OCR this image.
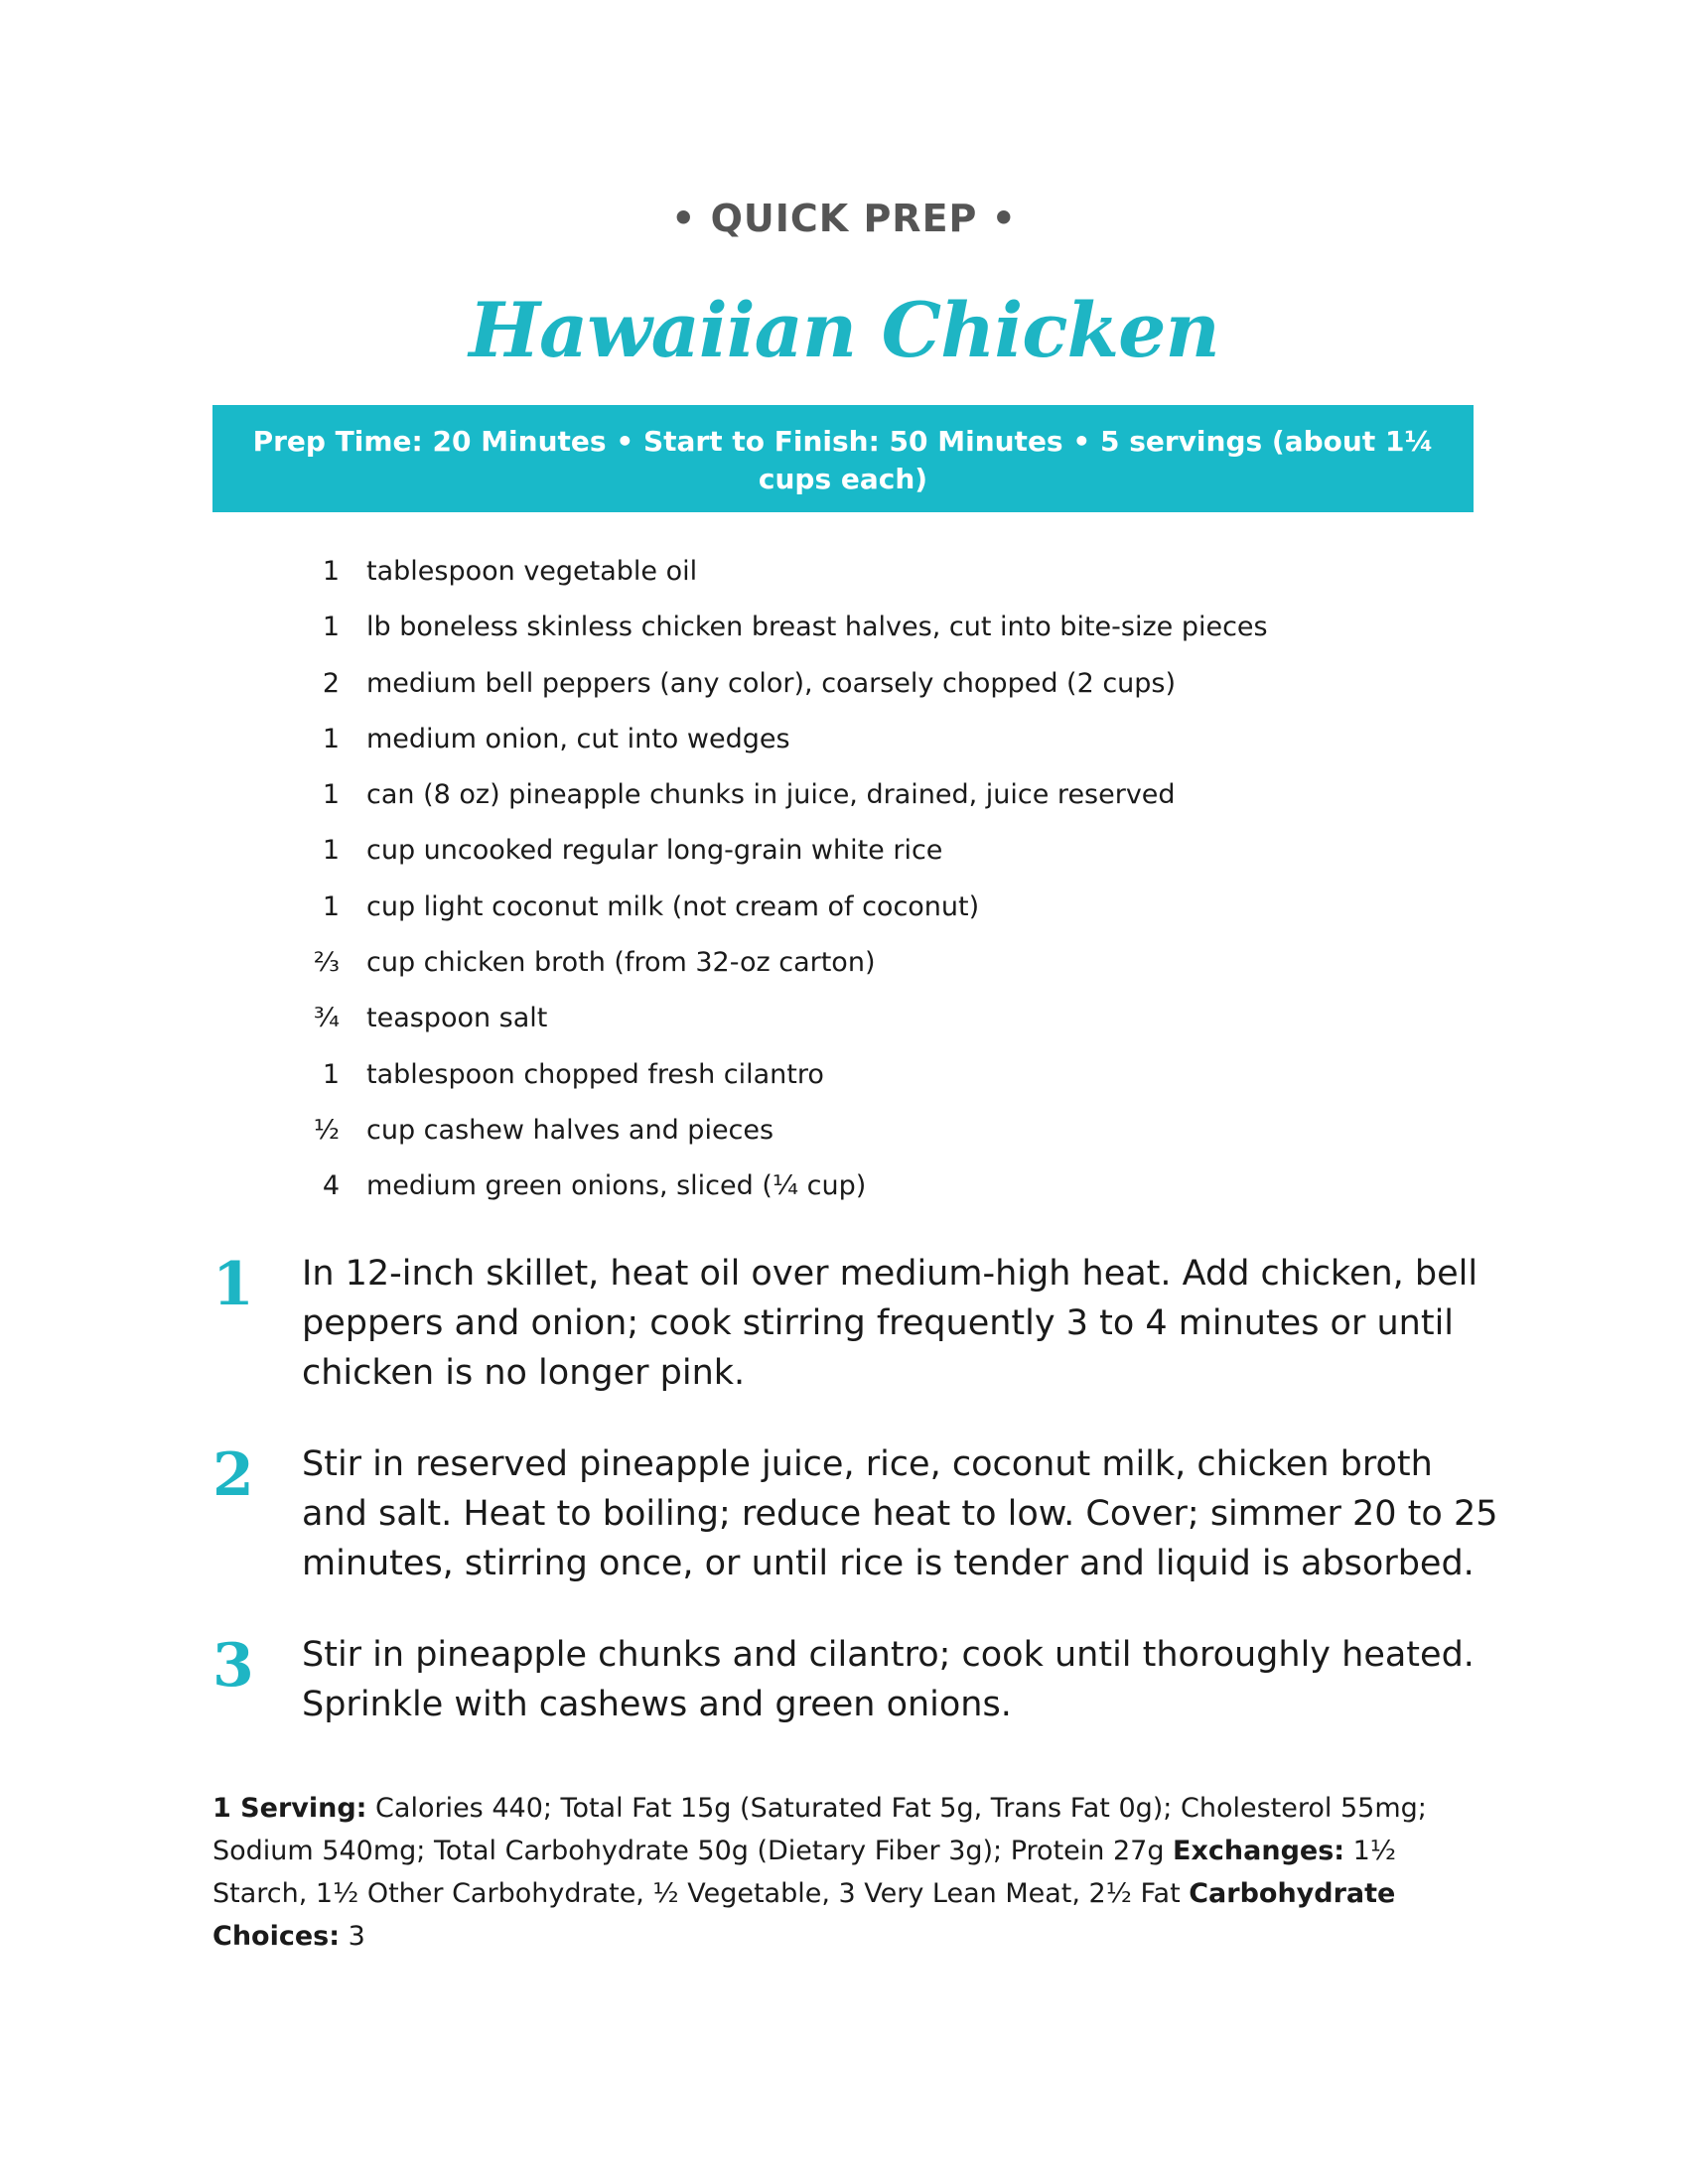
• QUICK PREP •
Hawaiian Chicken
Prep Time: 20 Minutes • Start to Finish: 50 Minutes • 5 servings (about 1¼ cups each)
1 tablespoon vegetable oil
1 lb boneless skinless chicken breast halves, cut into bite-size pieces
2 medium bell peppers (any color), coarsely chopped (2 cups)
1 medium onion, cut into wedges
1 can (8 oz) pineapple chunks in juice, drained, juice reserved
1 cup uncooked regular long-grain white rice
1 cup light coconut milk (not cream of coconut)
⅔ cup chicken broth (from 32-oz carton)
¾ teaspoon salt
1 tablespoon chopped fresh cilantro
½ cup cashew halves and pieces
4 medium green onions, sliced (¼ cup)
1	In 12-inch skillet, heat oil over medium-high heat. Add chicken, bell peppers and onion; cook stirring frequently 3 to 4 minutes or until chicken is no longer pink.
2	Stir in reserved pineapple juice, rice, coconut milk, chicken broth and salt. Heat to boiling; reduce heat to low. Cover; simmer 20 to 25 minutes, stirring once, or until rice is tender and liquid is absorbed.
3	Stir in pineapple chunks and cilantro; cook until thoroughly heated. Sprinkle with cashews and green onions.
1 Serving: Calories 440; Total Fat 15g (Saturated Fat 5g, Trans Fat 0g); Cholesterol 55mg; Sodium 540mg; Total Carbohydrate 50g (Dietary Fiber 3g); Protein 27g Exchanges: 1½ Starch, 1½ Other Carbohydrate, ½ Vegetable, 3 Very Lean Meat, 2½ Fat Carbohydrate Choices: 3
